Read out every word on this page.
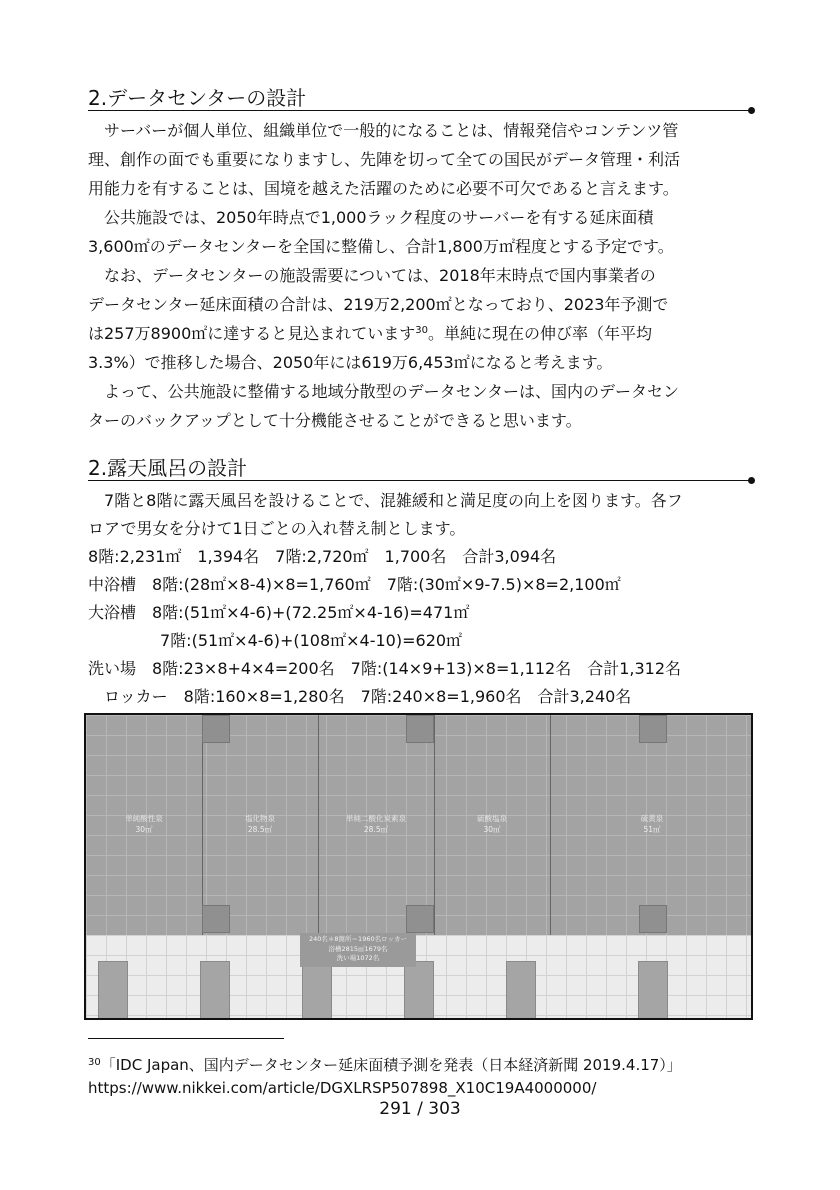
2.データセンターの設計
サーバーが個人単位、組織単位で一般的になることは、情報発信やコンテンツ管
理、創作の面でも重要になりますし、先陣を切って全ての国民がデータ管理・利活
用能力を有することは、国境を越えた活躍のために必要不可欠であると言えます。
公共施設では、2050年時点で1,000ラック程度のサーバーを有する延床面積
3,600㎡のデータセンターを全国に整備し、合計1,800万㎡程度とする予定です。
なお、データセンターの施設需要については、2018年末時点で国内事業者の
データセンター延床面積の合計は、219万2,200㎡となっており、2023年予測で
は257万8900㎡に達すると見込まれています$^{30}$。単純に現在の伸び率（年平均
3.3%）で推移した場合、2050年には619万6,453㎡になると考えます。
よって、公共施設に整備する地域分散型のデータセンターは、国内のデータセン
ターのバックアップとして十分機能させることができると思います。
2.露天風呂の設計
7階と8階に露天風呂を設けることで、混雑緩和と満足度の向上を図ります。各フ
ロアで男女を分けて1日ごとの入れ替え制とします。
8階:2,231㎡　1,394名　7階:2,720㎡　1,700名　合計3,094名
中浴槽　8階:(28㎡×8-4)×8=1,760㎡　7階:(30㎡×9-7.5)×8=2,100㎡
大浴槽　8階:(51㎡×4-6)+(72.25㎡×4-16)=471㎡
7階:(51㎡×4-6)+(108㎡×4-10)=620㎡
洗い場　8階:23×8+4×4=200名　7階:(14×9+13)×8=1,112名　合計1,312名
ロッカー　8階:160×8=1,280名　7階:240×8=1,960名　合計3,240名
単純酸性泉
30㎡
塩化物泉
28.5㎡
単純二酸化炭素泉
28.5㎡
硫酸塩泉
30㎡
硫黄泉
51㎡
240名＊8箇所＝1960名ロッカー
浴槽2815㎡1679名
洗い場1072名
$^{30}$「IDC Japan、国内データセンター延床面積予測を発表（日本経済新聞 2019.4.17）」
https://www.nikkei.com/article/DGXLRSP507898_X10C19A4000000/
291 / 303
